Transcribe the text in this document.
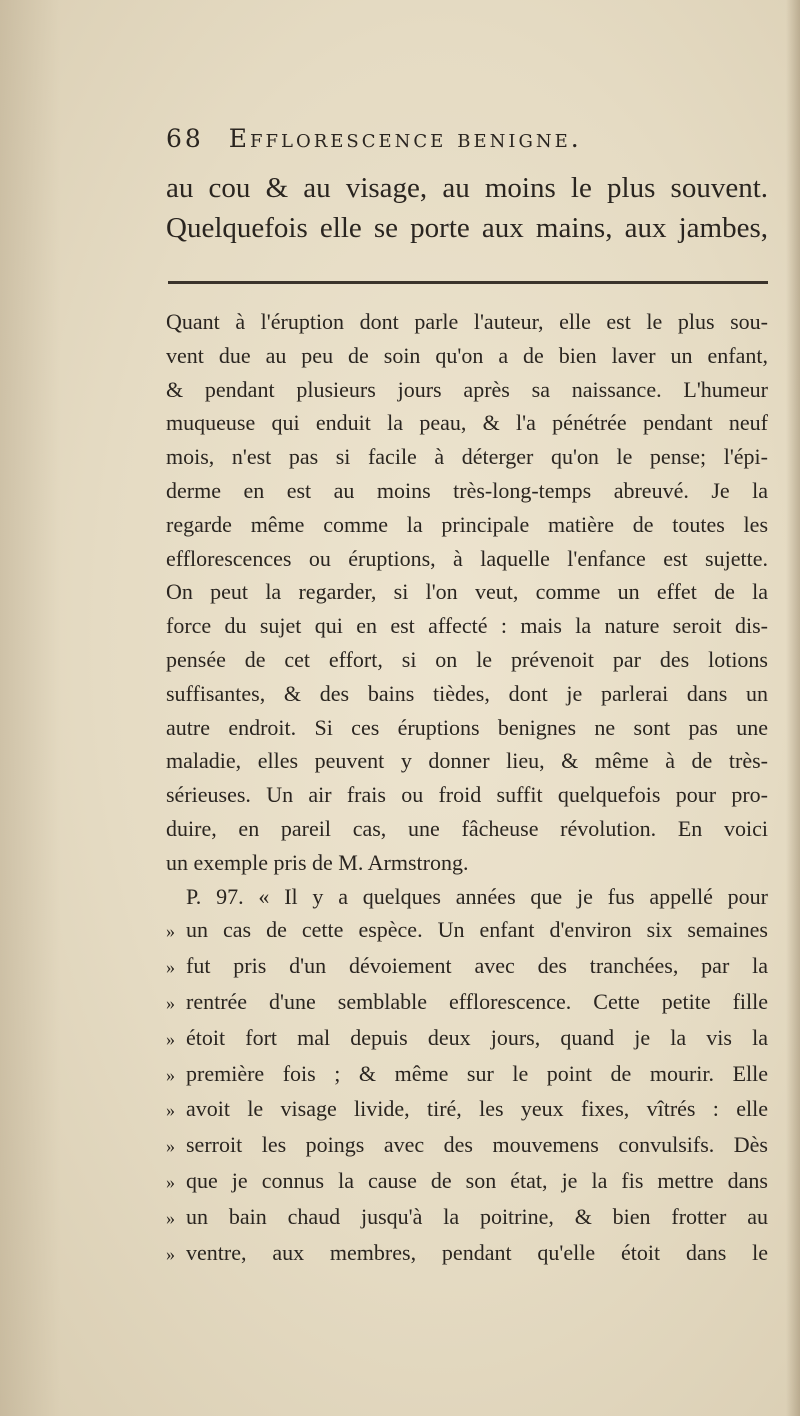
68 Efflorescence benigne.
au cou & au visage, au moins le plus souvent.
Quelquefois elle se porte aux mains, aux jambes,
Quant à l'éruption dont parle l'auteur, elle est le plus sou-
vent due au peu de soin qu'on a de bien laver un enfant,
& pendant plusieurs jours après sa naissance. L'humeur
muqueuse qui enduit la peau, & l'a pénétrée pendant neuf
mois, n'est pas si facile à déterger qu'on le pense; l'épi-
derme en est au moins très-long-temps abreuvé. Je la
regarde même comme la principale matière de toutes les
efflorescences ou éruptions, à laquelle l'enfance est sujette.
On peut la regarder, si l'on veut, comme un effet de la
force du sujet qui en est affecté : mais la nature seroit dis-
pensée de cet effort, si on le prévenoit par des lotions
suffisantes, & des bains tièdes, dont je parlerai dans un
autre endroit. Si ces éruptions benignes ne sont pas une
maladie, elles peuvent y donner lieu, & même à de très-
sérieuses. Un air frais ou froid suffit quelquefois pour pro-
duire, en pareil cas, une fâcheuse révolution. En voici
un exemple pris de M. Armstrong.
P. 97. « Il y a quelques années que je fus appellé pour
» un cas de cette espèce. Un enfant d'environ six semaines
» fut pris d'un dévoiement avec des tranchées, par la
» rentrée d'une semblable efflorescence. Cette petite fille
» étoit fort mal depuis deux jours, quand je la vis la
» première fois ; & même sur le point de mourir. Elle
» avoit le visage livide, tiré, les yeux fixes, vîtrés : elle
» serroit les poings avec des mouvemens convulsifs. Dès
» que je connus la cause de son état, je la fis mettre dans
» un bain chaud jusqu'à la poitrine, & bien frotter au
» ventre, aux membres, pendant qu'elle étoit dans le
